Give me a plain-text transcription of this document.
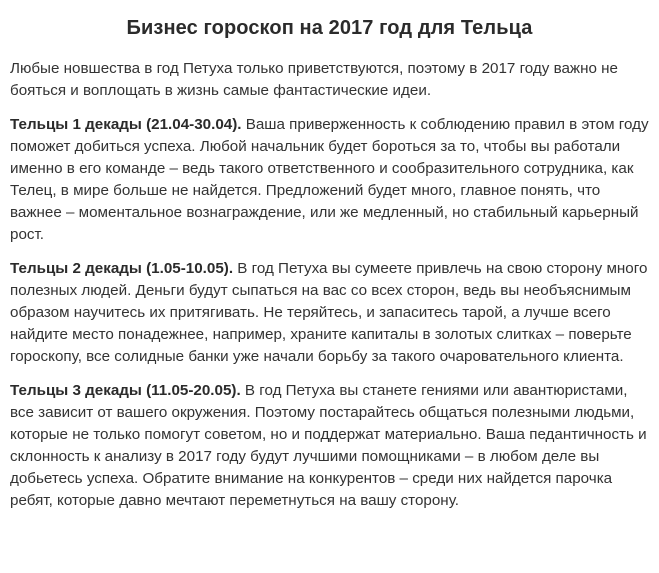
Бизнес гороскоп на 2017 год для Тельца

Любые новшества в год Петуха только приветствуются, поэтому в 2017 году важно не бояться и воплощать в жизнь самые фантастические идеи.

Тельцы 1 декады (21.04-30.04). Ваша приверженность к соблюдению правил в этом году поможет добиться успеха. Любой начальник будет бороться за то, чтобы вы работали именно в его команде – ведь такого ответственного и сообразительного сотрудника, как Телец, в мире больше не найдется. Предложений будет много, главное понять, что важнее – моментальное вознаграждение, или же медленный, но стабильный карьерный рост.

Тельцы 2 декады (1.05-10.05). В год Петуха вы сумеете привлечь на свою сторону много полезных людей. Деньги будут сыпаться на вас со всех сторон, ведь вы необъяснимым образом научитесь их притягивать. Не теряйтесь, и запаситесь тарой, а лучше всего найдите место понадежнее, например, храните капиталы в золотых слитках – поверьте гороскопу, все солидные банки уже начали борьбу за такого очаровательного клиента.

Тельцы 3 декады (11.05-20.05). В год Петуха вы станете гениями или авантюристами, все зависит от вашего окружения. Поэтому постарайтесь общаться полезными людьми, которые не только помогут советом, но и поддержат материально. Ваша педантичность и склонность к анализу в 2017 году будут лучшими помощниками – в любом деле вы добьетесь успеха. Обратите внимание на конкурентов – среди них найдется парочка ребят, которые давно мечтают переметнуться на вашу сторону.
